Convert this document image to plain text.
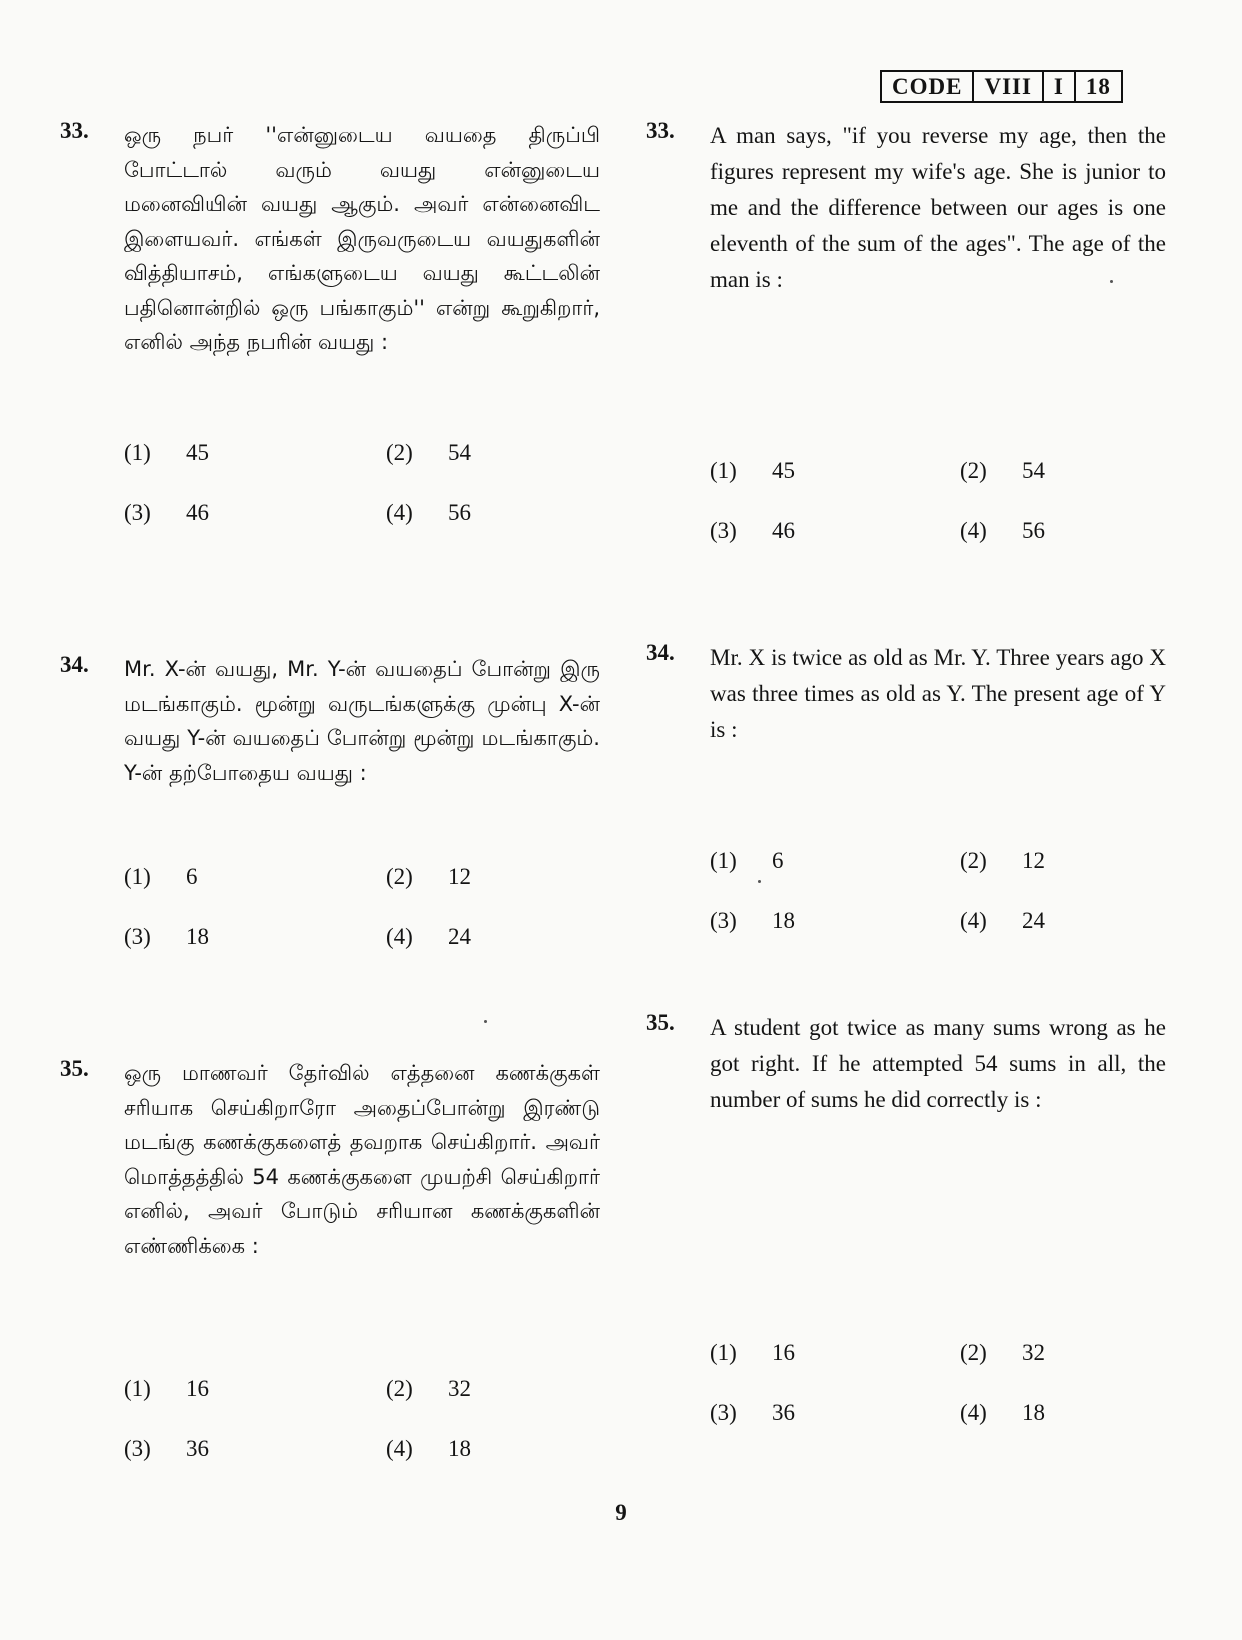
CODE VIII I 18
33. ஒரு நபர் ''என்னுடைய வயதை திருப்பி போட்டால் வரும் வயது என்னுடைய மனைவியின் வயது ஆகும். அவர் என்னைவிட இளையவர். எங்கள் இருவருடைய வயதுகளின் வித்தியாசம், எங்களுடைய வயது கூட்டலின் பதினொன்றில் ஒரு பங்காகும்'' என்று கூறுகிறார், எனில் அந்த நபரின் வயது :
(1) 45	(2) 54
(3) 46	(4) 56
34. Mr. X-ன் வயது, Mr. Y-ன் வயதைப் போன்று இரு மடங்காகும். மூன்று வருடங்களுக்கு முன்பு X-ன் வயது Y-ன் வயதைப் போன்று மூன்று மடங்காகும். Y-ன் தற்போதைய வயது :
(1) 6	(2) 12
(3) 18	(4) 24
35. ஒரு மாணவர் தேர்வில் எத்தனை கணக்குகள் சரியாக செய்கிறாரோ அதைப்போன்று இரண்டு மடங்கு கணக்குகளைத் தவறாக செய்கிறார். அவர் மொத்தத்தில் 54 கணக்குகளை முயற்சி செய்கிறார் எனில், அவர் போடும் சரியான கணக்குகளின் எண்ணிக்கை :
(1) 16	(2) 32
(3) 36	(4) 18
33. A man says, "if you reverse my age, then the figures represent my wife's age. She is junior to me and the difference between our ages is one eleventh of the sum of the ages". The age of the man is :
(1) 45	(2) 54
(3) 46	(4) 56
34. Mr. X is twice as old as Mr. Y. Three years ago X was three times as old as Y. The present age of Y is :
(1) 6	(2) 12
(3) 18	(4) 24
35. A student got twice as many sums wrong as he got right. If he attempted 54 sums in all, the number of sums he did correctly is :
(1) 16	(2) 32
(3) 36	(4) 18
9
